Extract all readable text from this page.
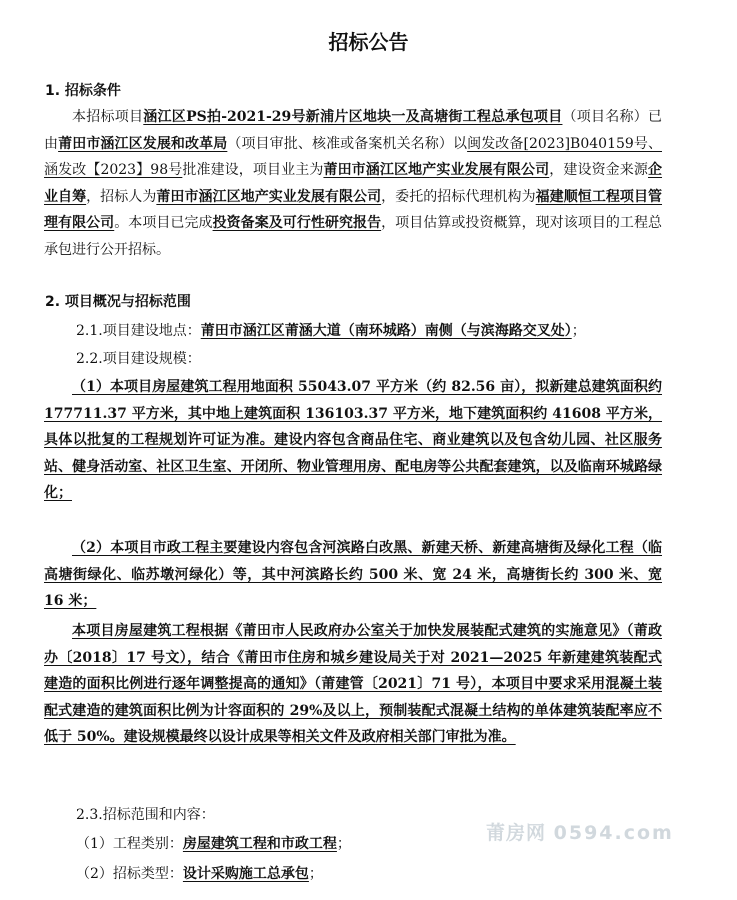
招标公告
1. 招标条件

本招标项目涵江区PS拍-2021-29号新浦片区地块一及高塘街工程总承包项目（项目名称）已由莆田市涵江区发展和改革局（项目审批、核准或备案机关名称）以闽发改备[2023]B040159号、涵发改【2023】98号批准建设，项目业主为莆田市涵江区地产实业发展有限公司，建设资金来源企业自筹，招标人为莆田市涵江区地产实业发展有限公司，委托的招标代理机构为福建顺恒工程项目管理有限公司。本项目已完成投资备案及可行性研究报告，项目估算或投资概算，现对该项目的工程总承包进行公开招标。

2. 项目概况与招标范围
2.1.项目建设地点：莆田市涵江区莆涵大道（南环城路）南侧（与滨海路交叉处）；
2.2.项目建设规模：

（1）本项目房屋建筑工程用地面积 55043.07 平方米（约 82.56 亩），拟新建总建筑面积约 177711.37 平方米，其中地上建筑面积 136103.37 平方米，地下建筑面积约 41608 平方米，具体以批复的工程规划许可证为准。建设内容包含商品住宅、商业建筑以及包含幼儿园、社区服务站、健身活动室、社区卫生室、开闭所、物业管理用房、配电房等公共配套建筑，以及临南环城路绿化；

（2）本项目市政工程主要建设内容包含河滨路白改黑、新建天桥、新建高塘街及绿化工程（临高塘街绿化、临苏墩河绿化）等，其中河滨路长约 500 米、宽 24 米，高塘街长约 300 米、宽 16 米；

本项目房屋建筑工程根据《莆田市人民政府办公室关于加快发展装配式建筑的实施意见》（莆政办〔2018〕17 号文），结合《莆田市住房和城乡建设局关于对 2021—2025 年新建建筑装配式建造的面积比例进行逐年调整提高的通知》（莆建管〔2021〕71 号），本项目中要求采用混凝土装配式建造的建筑面积比例为计容面积的 29%及以上，预制装配式混凝土结构的单体建筑装配率应不低于 50%。建设规模最终以设计成果等相关文件及政府相关部门审批为准。

2.3.招标范围和内容：
（1）工程类别：房屋建筑工程和市政工程；
（2）招标类型：设计采购施工总承包；
莆房网 0594.com
